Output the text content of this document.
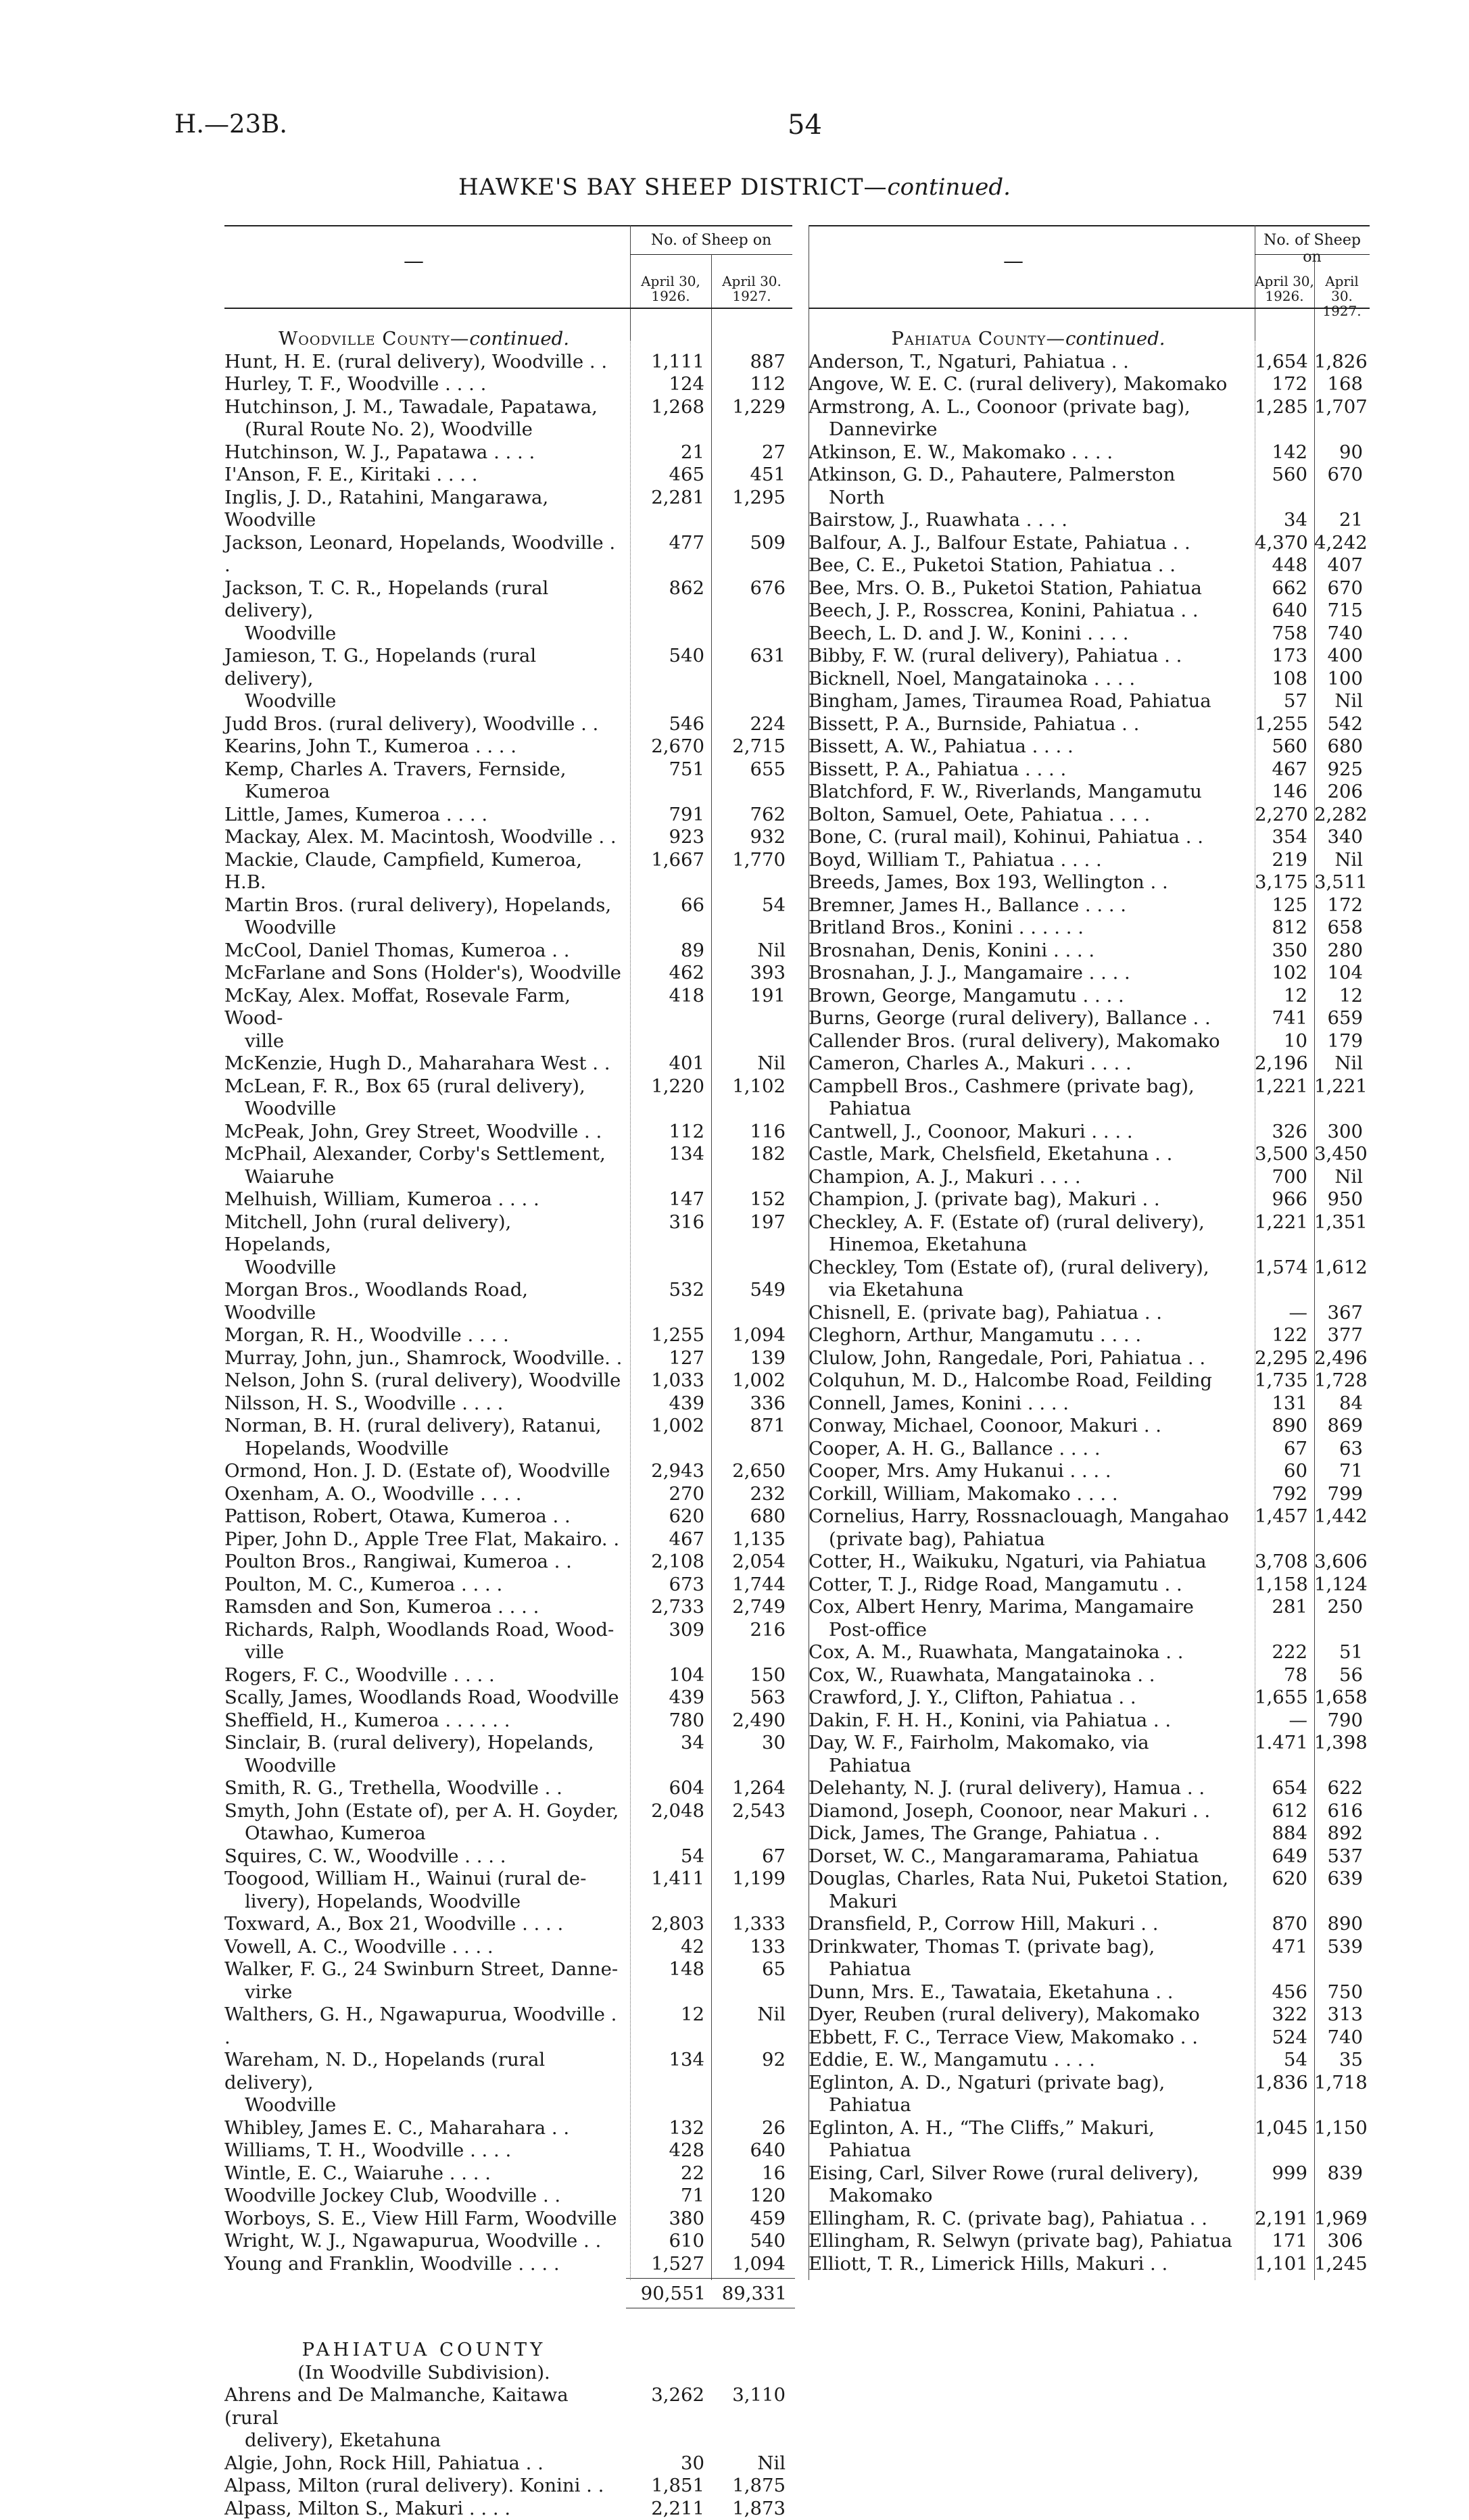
H.—23B.	54
HAWKE'S BAY SHEEP DISTRICT—continued.
—
No. of Sheep on
April 30,
1926.
April 30.
1927.
Woodville County—continued.
Hunt, H. E. (rural delivery), Woodville . .	1,111	887
Hurley, T. F., Woodville . . . .	124	112
Hutchinson, J. M., Tawadale, Papatawa,
(Rural Route No. 2), Woodville
1,268	1,229
Hutchinson, W. J., Papatawa . . . .	21	27
I'Anson, F. E., Kiritaki . . . .	465	451
Inglis, J. D., Ratahini, Mangarawa, Woodville
2,281	1,295
Jackson, Leonard, Hopelands, Woodville . .
477	509
Jackson, T. C. R., Hopelands (rural delivery),
Woodville
862	676
Jamieson, T. G., Hopelands (rural delivery),
Woodville
540	631
Judd Bros. (rural delivery), Woodville . .	546	224
Kearins, John T., Kumeroa . . . .	2,670	2,715
Kemp, Charles A. Travers, Fernside,
Kumeroa
751	655
Little, James, Kumeroa . . . .	791	762
Mackay, Alex. M. Macintosh, Woodville . .	923	932
Mackie, Claude, Campfield, Kumeroa, H.B.
1,667	1,770
Martin Bros. (rural delivery), Hopelands,
Woodville
66	54
McCool, Daniel Thomas, Kumeroa . .	89	Nil
McFarlane and Sons (Holder's), Woodville	462	393
McKay, Alex. Moffat, Rosevale Farm, Wood-
ville
418	191
McKenzie, Hugh D., Maharahara West . .	401	Nil
McLean, F. R., Box 65 (rural delivery),
Woodville
1,220	1,102
McPeak, John, Grey Street, Woodville . .	112	116
McPhail, Alexander, Corby's Settlement,
Waiaruhe
134	182
Melhuish, William, Kumeroa . . . .	147	152
Mitchell, John (rural delivery), Hopelands,
Woodville
316	197
Morgan Bros., Woodlands Road, Woodville
532	549
Morgan, R. H., Woodville . . . .	1,255	1,094
Murray, John, jun., Shamrock, Woodville. .	127	139
Nelson, John S. (rural delivery), Woodville	1,033	1,002
Nilsson, H. S., Woodville . . . .	439	336
Norman, B. H. (rural delivery), Ratanui,
Hopelands, Woodville
1,002	871
Ormond, Hon. J. D. (Estate of), Woodville	2,943	2,650
Oxenham, A. O., Woodville . . . .	270	232
Pattison, Robert, Otawa, Kumeroa . .	620	680
Piper, John D., Apple Tree Flat, Makairo. .	467	1,135
Poulton Bros., Rangiwai, Kumeroa . .	2,108	2,054
Poulton, M. C., Kumeroa . . . .	673	1,744
Ramsden and Son, Kumeroa . . . .	2,733	2,749
Richards, Ralph, Woodlands Road, Wood-
ville
309	216
Rogers, F. C., Woodville . . . .	104	150
Scally, James, Woodlands Road, Woodville	439	563
Sheffield, H., Kumeroa . . . . . .	780	2,490
Sinclair, B. (rural delivery), Hopelands,
Woodville
34	30
Smith, R. G., Trethella, Woodville . .	604	1,264
Smyth, John (Estate of), per A. H. Goyder,
Otawhao, Kumeroa
2,048	2,543
Squires, C. W., Woodville . . . .	54	67
Toogood, William H., Wainui (rural de-
livery), Hopelands, Woodville
1,411	1,199
Toxward, A., Box 21, Woodville . . . .	2,803	1,333
Vowell, A. C., Woodville . . . .	42	133
Walker, F. G., 24 Swinburn Street, Danne-
virke
148	65
Walthers, G. H., Ngawapurua, Woodville . .
12	Nil
Wareham, N. D., Hopelands (rural delivery),
Woodville
134	92
Whibley, James E. C., Maharahara . .	132	26
Williams, T. H., Woodville . . . .	428	640
Wintle, E. C., Waiaruhe . . . .	22	16
Woodville Jockey Club, Woodville . .	71	120
Worboys, S. E., View Hill Farm, Woodville	380	459
Wright, W. J., Ngawapurua, Woodville . .	610	540
Young and Franklin, Woodville . . . .	1,527	1,094
90,551 89,331
PAHIATUA COUNTY
(In Woodville Subdivision).
Ahrens and De Malmanche, Kaitawa (rural
delivery), Eketahuna
3,262	3,110
Algie, John, Rock Hill, Pahiatua . .	30	Nil
Alpass, Milton (rural delivery). Konini . .	1,851	1,875
Alpass, Milton S., Makuri . . . .	2,211	1,873
—
No. of Sheep on
April 30,
1926.
April 30.
1927.
Pahiatua County—continued.
Anderson, T., Ngaturi, Pahiatua . .	1,654 1,826
Angove, W. E. C. (rural delivery), Makomako	172	168
Armstrong, A. L., Coonoor (private bag),
Dannevirke
1,285 1,707
Atkinson, E. W., Makomako . . . .	142	90
Atkinson, G. D., Pahautere, Palmerston
North
560	670
Bairstow, J., Ruawhata . . . .	34	21
Balfour, A. J., Balfour Estate, Pahiatua . .	4,370 4,242
Bee, C. E., Puketoi Station, Pahiatua . .	448	407
Bee, Mrs. O. B., Puketoi Station, Pahiatua	662	670
Beech, J. P., Rosscrea, Konini, Pahiatua . .	640	715
Beech, L. D. and J. W., Konini . . . .	758	740
Bibby, F. W. (rural delivery), Pahiatua . .	173	400
Bicknell, Noel, Mangatainoka . . . .	108	100
Bingham, James, Tiraumea Road, Pahiatua	57	Nil
Bissett, P. A., Burnside, Pahiatua . .	1,255	542
Bissett, A. W., Pahiatua . . . .	560	680
Bissett, P. A., Pahiatua . . . .	467	925
Blatchford, F. W., Riverlands, Mangamutu	146	206
Bolton, Samuel, Oete, Pahiatua . . . .	2,270 2,282
Bone, C. (rural mail), Kohinui, Pahiatua . .	354	340
Boyd, William T., Pahiatua . . . .	219	Nil
Breeds, James, Box 193, Wellington . .	3,175 3,511
Bremner, James H., Ballance . . . .	125	172
Britland Bros., Konini . . . . . .	812	658
Brosnahan, Denis, Konini . . . .	350	280
Brosnahan, J. J., Mangamaire . . . .	102	104
Brown, George, Mangamutu . . . .	12	12
Burns, George (rural delivery), Ballance . .	741	659
Callender Bros. (rural delivery), Makomako	10	179
Cameron, Charles A., Makuri . . . .	2,196	Nil
Campbell Bros., Cashmere (private bag),
Pahiatua
1,221 1,221
Cantwell, J., Coonoor, Makuri . . . .	326	300
Castle, Mark, Chelsfield, Eketahuna . .	3,500 3,450
Champion, A. J., Makuri . . . .	700	Nil
Champion, J. (private bag), Makuri . .	966	950
Checkley, A. F. (Estate of) (rural delivery),
Hinemoa, Eketahuna
1,221 1,351
Checkley, Tom (Estate of), (rural delivery),
via Eketahuna
1,574 1,612
Chisnell, E. (private bag), Pahiatua . .	—	367
Cleghorn, Arthur, Mangamutu . . . .	122	377
Clulow, John, Rangedale, Pori, Pahiatua . .	2,295 2,496
Colquhun, M. D., Halcombe Road, Feilding	1,735 1,728
Connell, James, Konini . . . .	131	84
Conway, Michael, Coonoor, Makuri . .	890	869
Cooper, A. H. G., Ballance . . . .	67	63
Cooper, Mrs. Amy Hukanui . . . .	60	71
Corkill, William, Makomako . . . .	792	799
Cornelius, Harry, Rossnaclouagh, Mangahao
(private bag), Pahiatua
1,457 1,442
Cotter, H., Waikuku, Ngaturi, via Pahiatua	3,708 3,606
Cotter, T. J., Ridge Road, Mangamutu . .	1,158 1,124
Cox, Albert Henry, Marima, Mangamaire
Post-office
281	250
Cox, A. M., Ruawhata, Mangatainoka . .	222	51
Cox, W., Ruawhata, Mangatainoka . .	78	56
Crawford, J. Y., Clifton, Pahiatua . .	1,655 1,658
Dakin, F. H. H., Konini, via Pahiatua . .	—	790
Day, W. F., Fairholm, Makomako, via
Pahiatua
1.471 1,398
Delehanty, N. J. (rural delivery), Hamua . .	654	622
Diamond, Joseph, Coonoor, near Makuri . .	612	616
Dick, James, The Grange, Pahiatua . .	884	892
Dorset, W. C., Mangaramarama, Pahiatua	649	537
Douglas, Charles, Rata Nui, Puketoi Station,
Makuri
620	639
Dransfield, P., Corrow Hill, Makuri . .	870	890
Drinkwater, Thomas T. (private bag),
Pahiatua
471	539
Dunn, Mrs. E., Tawataia, Eketahuna . .	456	750
Dyer, Reuben (rural delivery), Makomako	322	313
Ebbett, F. C., Terrace View, Makomako . .	524	740
Eddie, E. W., Mangamutu . . . .	54	35
Eglinton, A. D., Ngaturi (private bag),
Pahiatua
1,836 1,718
Eglinton, A. H., “The Cliffs,” Makuri,
Pahiatua
1,045 1,150
Eising, Carl, Silver Rowe (rural delivery),
Makomako
999	839
Ellingham, R. C. (private bag), Pahiatua . .	2,191 1,969
Ellingham, R. Selwyn (private bag), Pahiatua	171	306
Elliott, T. R., Limerick Hills, Makuri . .	1,101 1,245
